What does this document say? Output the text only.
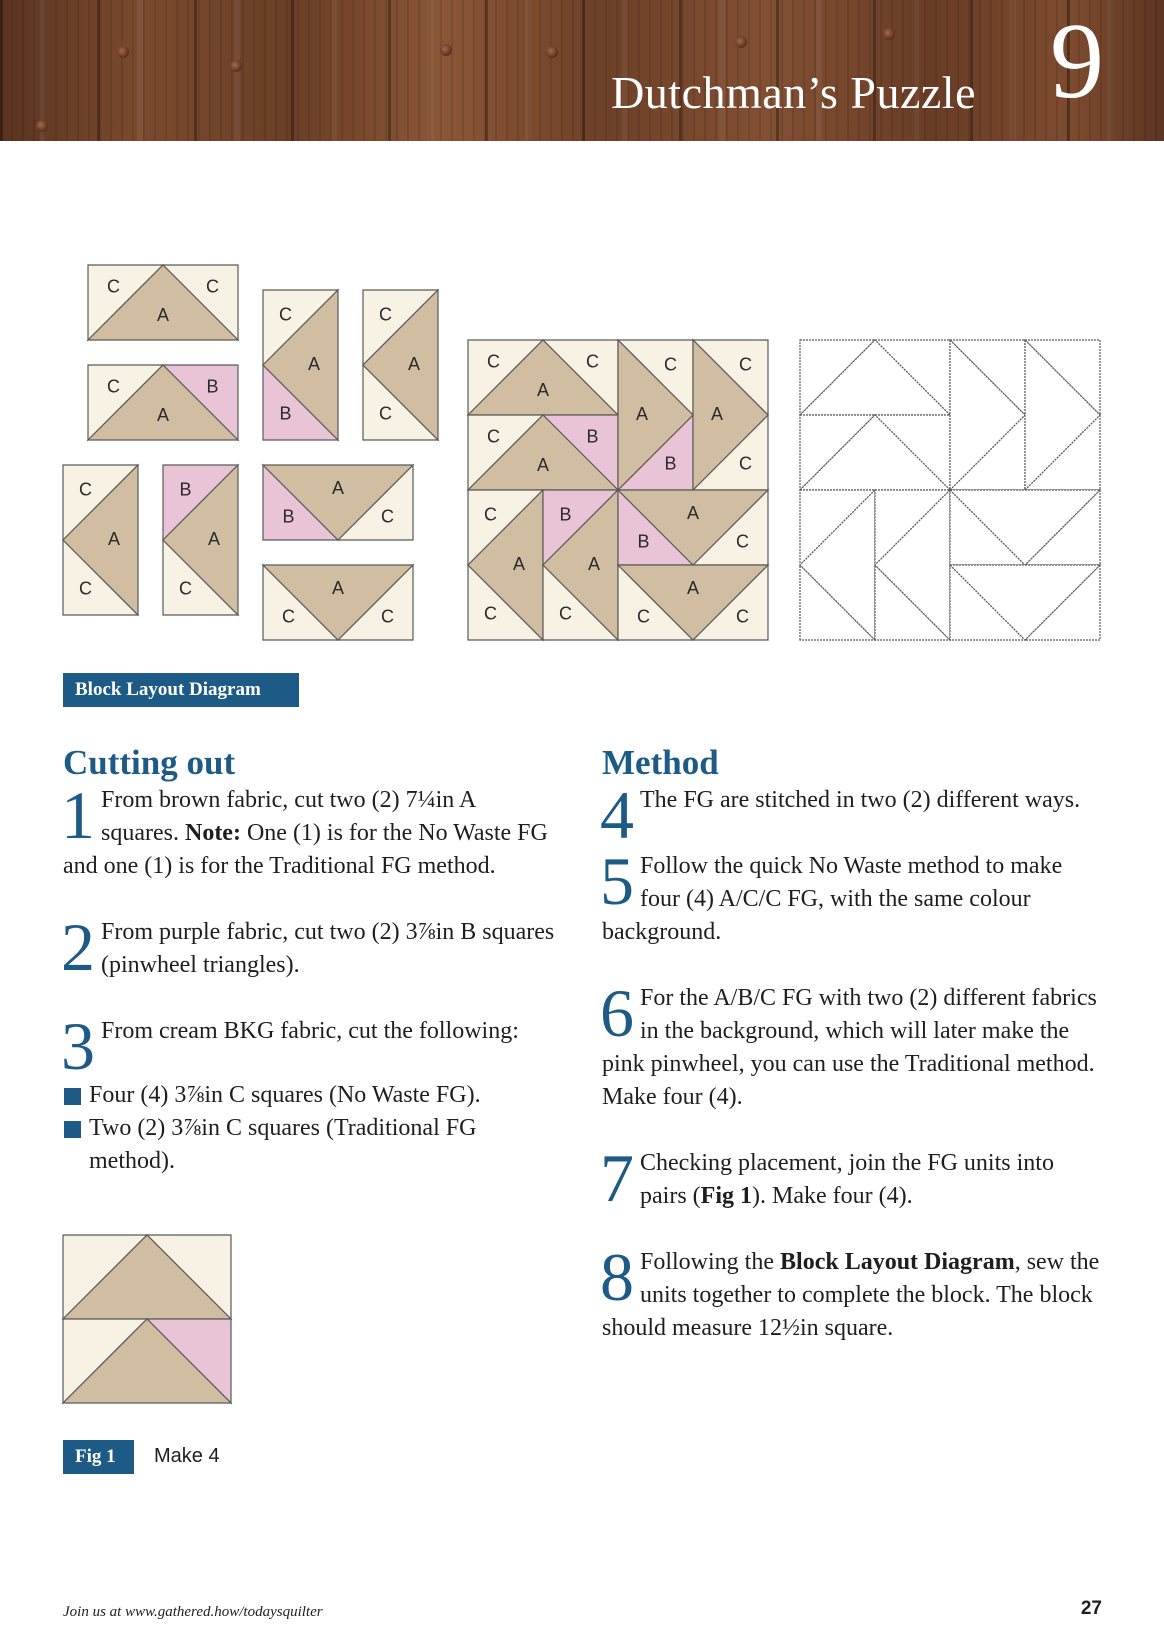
Dutchman’s Puzzle 9
A
C	C
A
C	B
A
C
B
A
C
C
A
C
C
A
B
C
A
B	C
A
C	C
A
C	C
A
C	B
A
C
B
A
C
C
A
C
C
A
B
C
A
B	C
A
C	C
Block Layout Diagram
Cutting out
1 From brown fabric, cut two (2) 7¼in A squares. Note: One (1) is for the No Waste FG and one (1) is for the Traditional FG method.
2 From purple fabric, cut two (2) 3⅞in B squares (pinwheel triangles).
3 From cream BKG fabric, cut the following:
Four (4) 3⅞in C squares (No Waste FG).
Two (2) 3⅞in C squares (Traditional FG method).
Fig 1	Make 4
Method
4 The FG are stitched in two (2) different ways.
5 Follow the quick No Waste method to make four (4) A/C/C FG, with the same colour background.
6 For the A/B/C FG with two (2) different fabrics in the background, which will later make the pink pinwheel, you can use the Traditional method. Make four (4).
7 Checking placement, join the FG units into pairs (Fig 1). Make four (4).
8 Following the Block Layout Diagram, sew the units together to complete the block. The block should measure 12½in square.
Join us at www.gathered.how/todaysquilter	27
